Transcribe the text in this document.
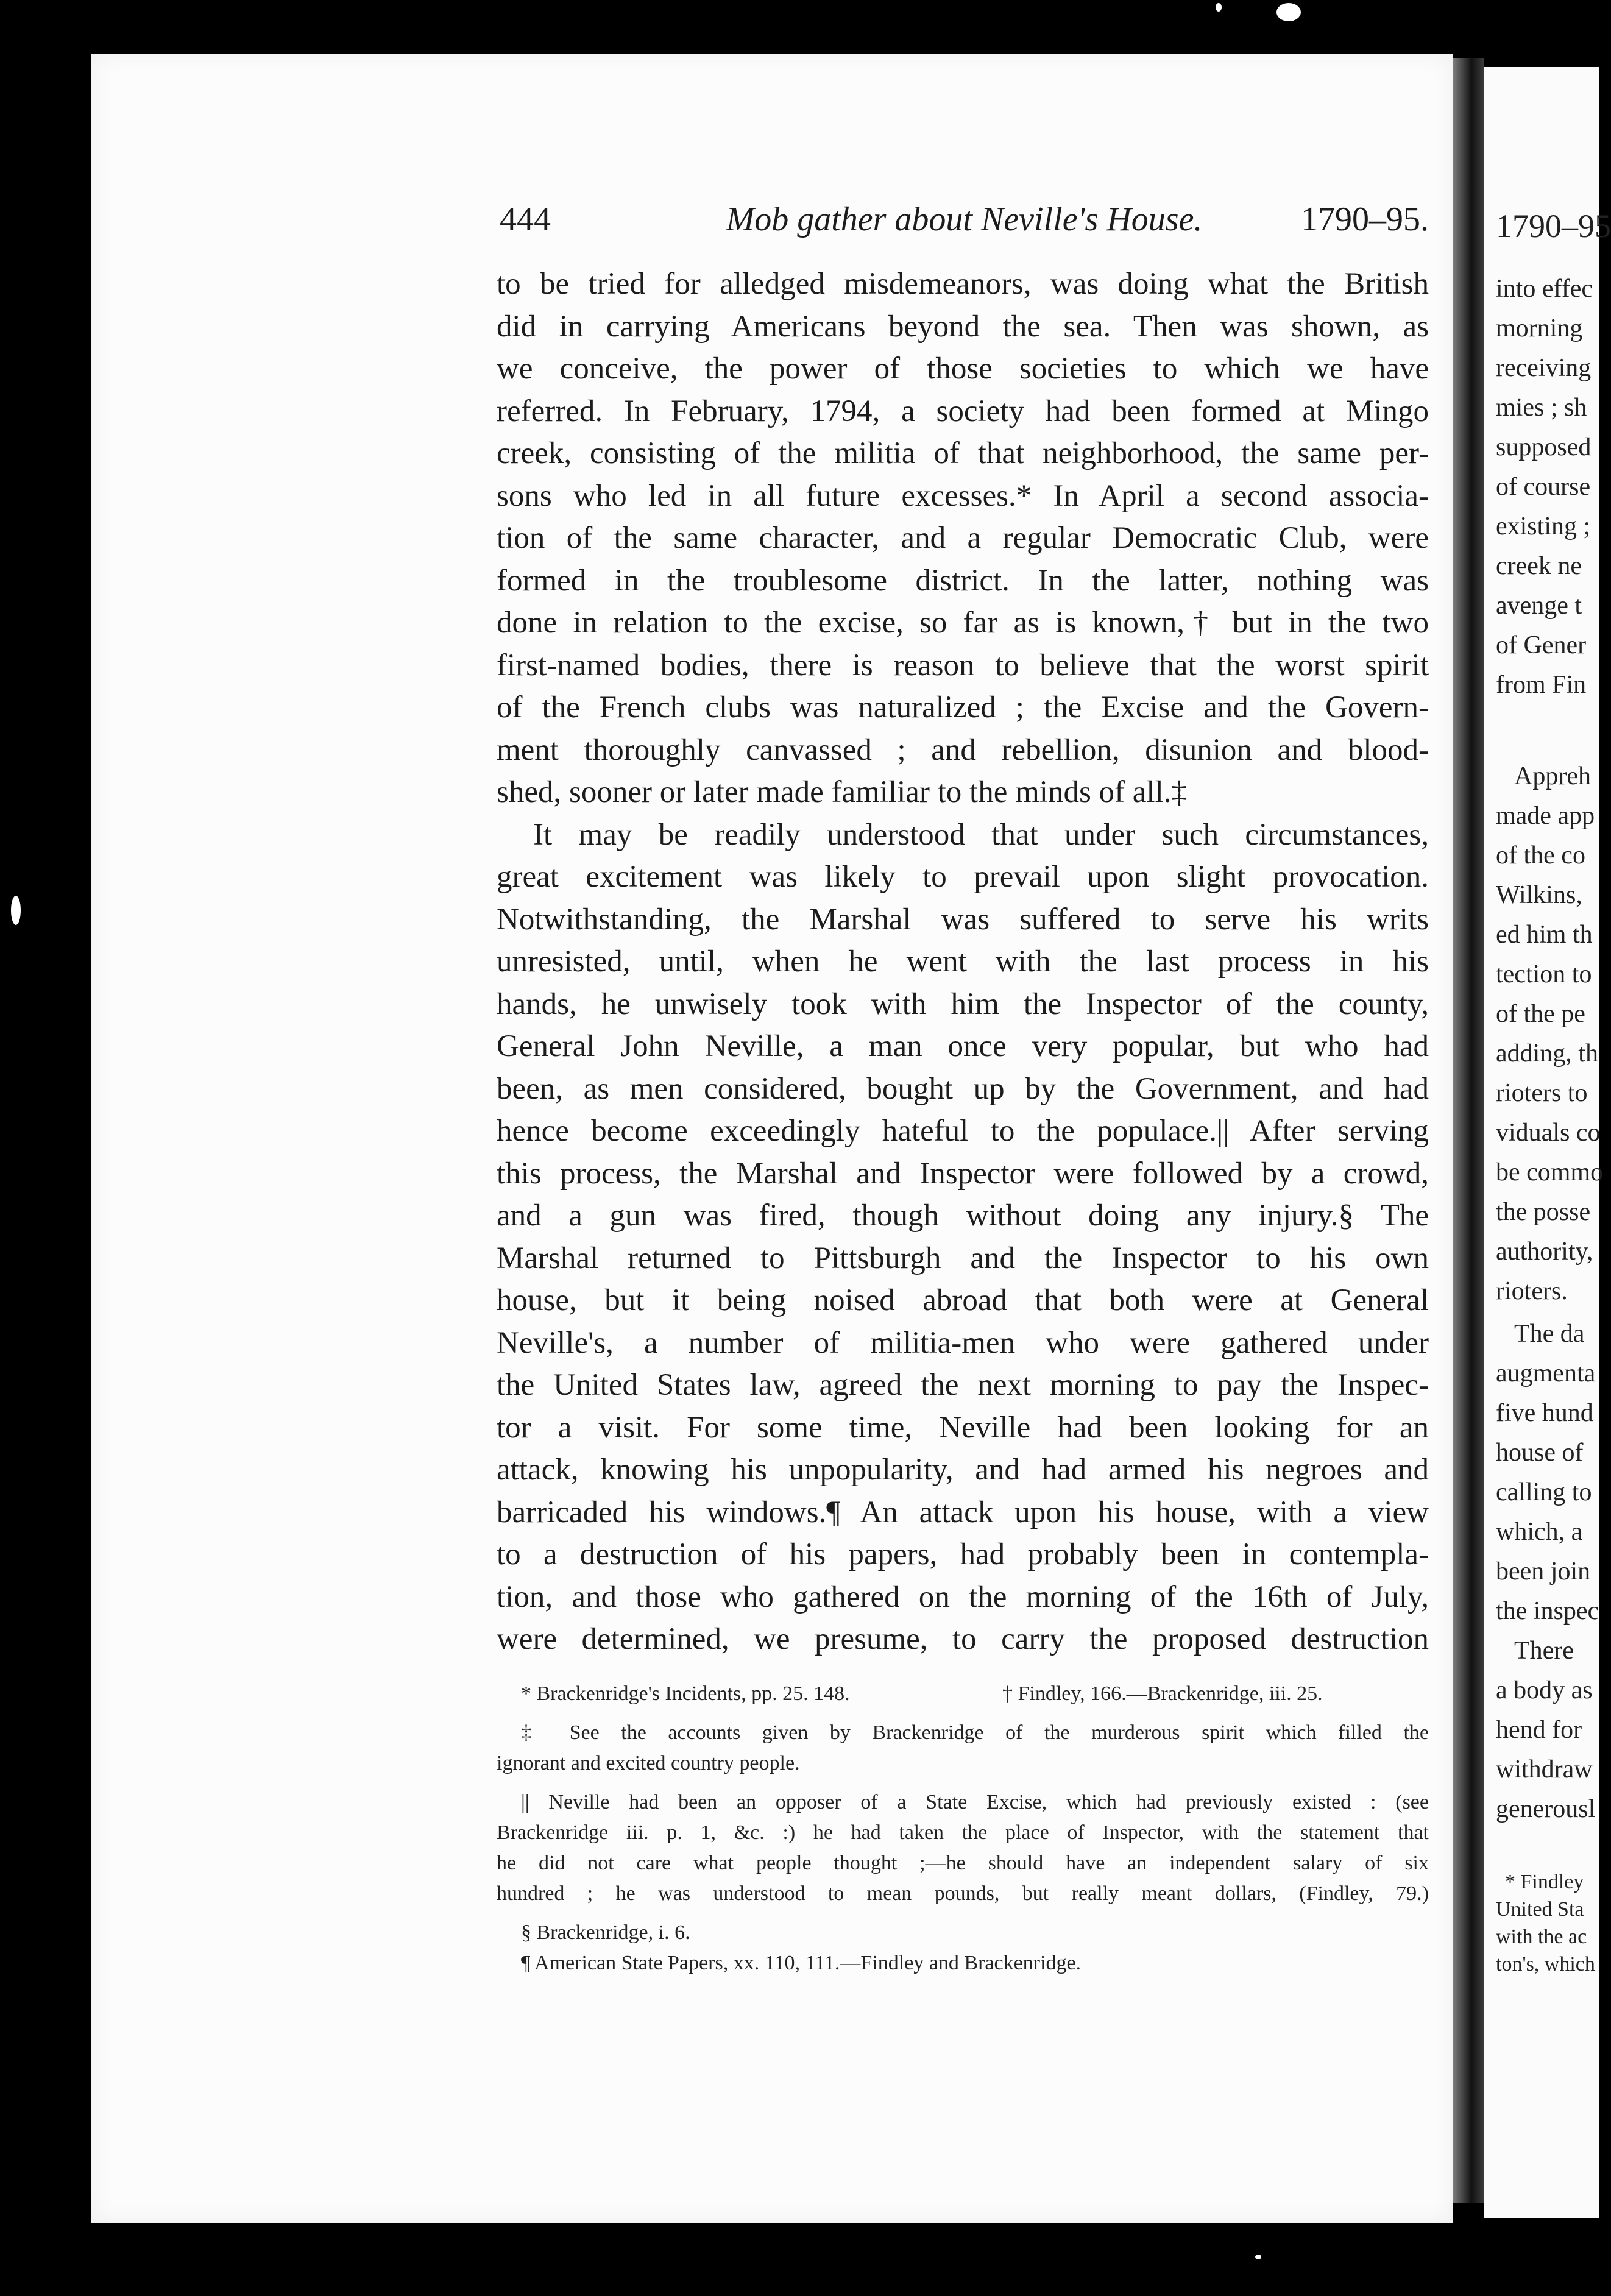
444	Mob gather about Neville's House.	1790–95.
to be tried for alledged misdemeanors, was doing what the British
did in carrying Americans beyond the sea. Then was shown, as
we conceive, the power of those societies to which we have
referred. In February, 1794, a society had been formed at Mingo
creek, consisting of the militia of that neighborhood, the same per-
sons who led in all future excesses.* In April a second associa-
tion of the same character, and a regular Democratic Club, were
formed in the troublesome district. In the latter, nothing was
done in relation to the excise, so far as is known,† but in the two
first-named bodies, there is reason to believe that the worst spirit
of the French clubs was naturalized ; the Excise and the Govern-
ment thoroughly canvassed ; and rebellion, disunion and blood-
shed, sooner or later made familiar to the minds of all.‡
It may be readily understood that under such circumstances,
great excitement was likely to prevail upon slight provocation.
Notwithstanding, the Marshal was suffered to serve his writs
unresisted, until, when he went with the last process in his
hands, he unwisely took with him the Inspector of the county,
General John Neville, a man once very popular, but who had
been, as men considered, bought up by the Government, and had
hence become exceedingly hateful to the populace.|| After serving
this process, the Marshal and Inspector were followed by a crowd,
and a gun was fired, though without doing any injury.§ The
Marshal returned to Pittsburgh and the Inspector to his own
house, but it being noised abroad that both were at General
Neville's, a number of militia-men who were gathered under
the United States law, agreed the next morning to pay the Inspec-
tor a visit. For some time, Neville had been looking for an
attack, knowing his unpopularity, and had armed his negroes and
barricaded his windows.¶ An attack upon his house, with a view
to a destruction of his papers, had probably been in contempla-
tion, and those who gathered on the morning of the 16th of July,
were determined, we presume, to carry the proposed destruction
* Brackenridge's Incidents, pp. 25. 148.	† Findley, 166.—Brackenridge, iii. 25.
‡ See the accounts given by Brackenridge of the murderous spirit which filled the
ignorant and excited country people.
|| Neville had been an opposer of a State Excise, which had previously existed : (see
Brackenridge iii. p. 1, &c. :) he had taken the place of Inspector, with the statement that
he did not care what people thought ;—he should have an independent salary of six
hundred ; he was understood to mean pounds, but really meant dollars, (Findley, 79.)
§ Brackenridge, i. 6.
¶ American State Papers, xx. 110, 111.—Findley and Brackenridge.
1790–95
into effec
morning
receiving
mies ; sh
supposed
of course
existing ;
creek ne
avenge t
of Gener
from Fin
Appreh
made app
of the co
Wilkins,
ed him th
tection to
of the pe
adding, th
rioters to
viduals co
be commo
the posse
authority,
rioters.
The da
augmenta
five hund
house of
calling to
which, a
been join
the inspec
There
a body as
hend for
withdraw
generousl
* Findley
United Sta
with the ac
ton's, which
